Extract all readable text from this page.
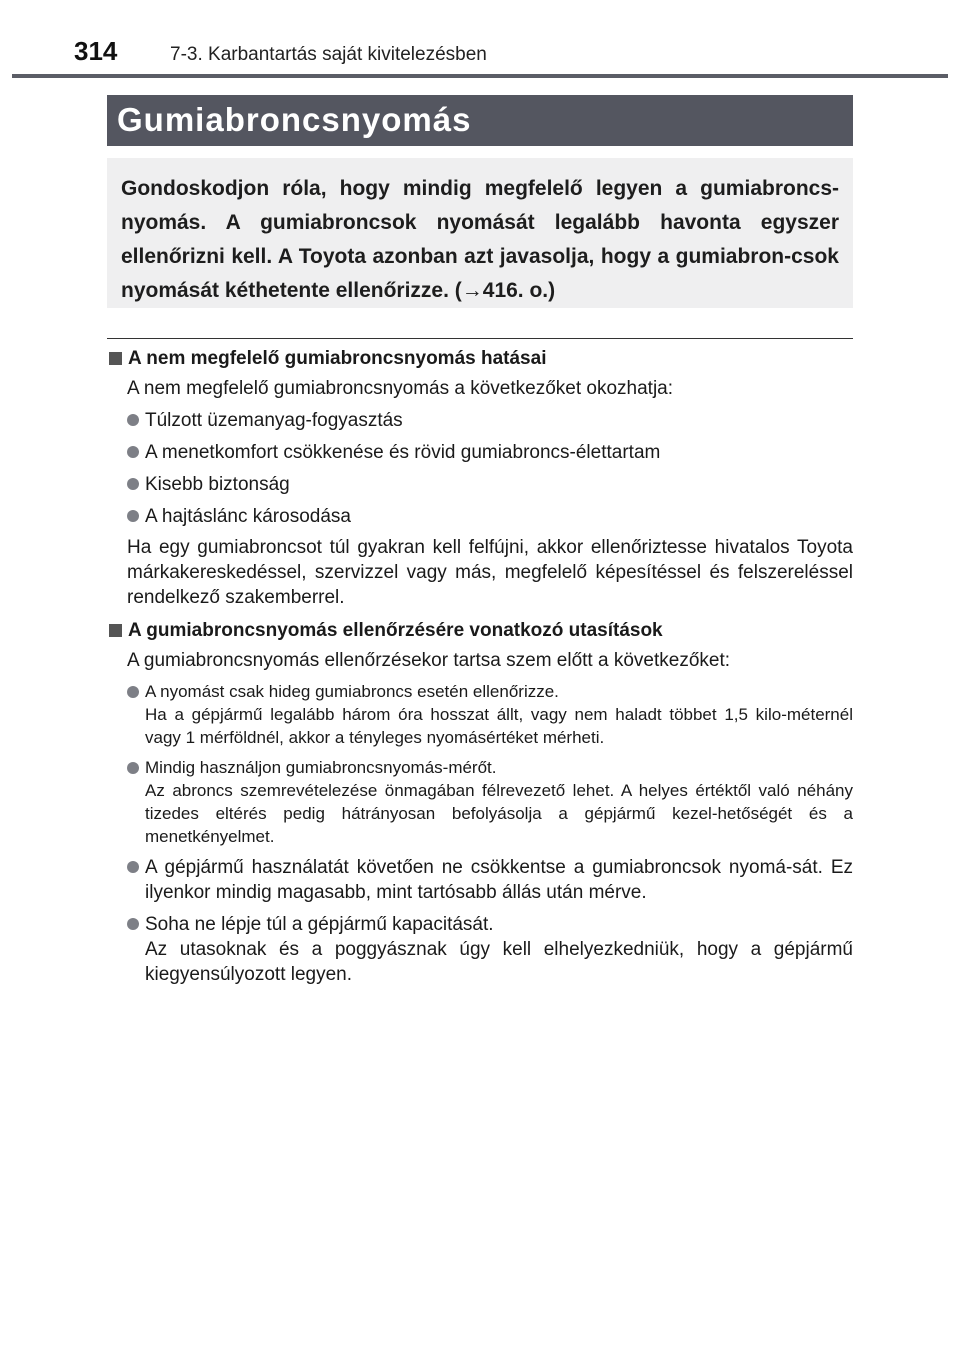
314	7-3. Karbantartás saját kivitelezésben
Gumiabroncsnyomás
Gondoskodjon róla, hogy mindig megfelelő legyen a gumiabroncs-nyomás. A gumiabroncsok nyomását legalább havonta egyszer ellenőrizni kell. A Toyota azonban azt javasolja, hogy a gumiabron-csok nyomását kéthetente ellenőrizze. (→416. o.)
A nem megfelelő gumiabroncsnyomás hatásai
A nem megfelelő gumiabroncsnyomás a következőket okozhatja:
Túlzott üzemanyag-fogyasztás
A menetkomfort csökkenése és rövid gumiabroncs-élettartam
Kisebb biztonság
A hajtáslánc károsodása
Ha egy gumiabroncsot túl gyakran kell felfújni, akkor ellenőriztesse hivatalos Toyota márkakereskedéssel, szervizzel vagy más, megfelelő képesítéssel és felszereléssel rendelkező szakemberrel.
A gumiabroncsnyomás ellenőrzésére vonatkozó utasítások
A gumiabroncsnyomás ellenőrzésekor tartsa szem előtt a következőket:
A nyomást csak hideg gumiabroncs esetén ellenőrizze.
Ha a gépjármű legalább három óra hosszat állt, vagy nem haladt többet 1,5 kilo-méternél vagy 1 mérföldnél, akkor a tényleges nyomásértéket mérheti.
Mindig használjon gumiabroncsnyomás-mérőt.
Az abroncs szemrevételezése önmagában félrevezető lehet. A helyes értéktől való néhány tizedes eltérés pedig hátrányosan befolyásolja a gépjármű kezel-hetőségét és a menetkényelmet.
A gépjármű használatát követően ne csökkentse a gumiabroncsok nyomá-sát. Ez ilyenkor mindig magasabb, mint tartósabb állás után mérve.
Soha ne lépje túl a gépjármű kapacitását.
Az utasoknak és a poggyásznak úgy kell elhelyezkedniük, hogy a gépjármű kiegyensúlyozott legyen.
